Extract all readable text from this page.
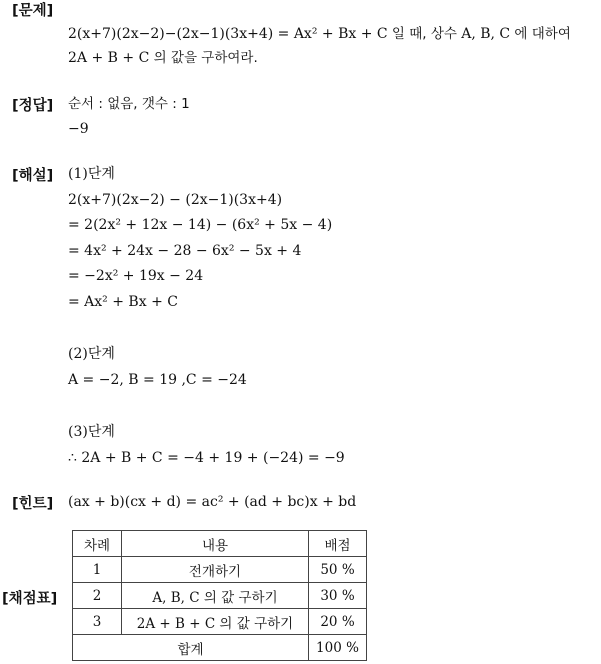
[문제]
2(x+7)(2x−2)−(2x−1)(3x+4) = Ax² + Bx + C 일 때, 상수 A, B, C 에 대하여
2A + B + C 의 값을 구하여라.
[정답] 순서 : 없음, 갯수 : 1
−9
[해설] (1)단계
2(x+7)(2x−2) − (2x−1)(3x+4)
= 2(2x² + 12x − 14) − (6x² + 5x − 4)
= 4x² + 24x − 28 − 6x² − 5x + 4
= −2x² + 19x − 24
= Ax² + Bx + C
(2)단계
A = −2, B = 19 ,C = −24
(3)단계
∴ 2A + B + C = −4 + 19 + (−24) = −9
[힌트] (ax + b)(cx + d) = ac² + (ad + bc)x + bd
[채점표]
차례	내용	배점
1	전개하기	50 %
2	A, B, C 의 값 구하기	30 %
3	2A + B + C 의 값 구하기	20 %
합계		100 %
